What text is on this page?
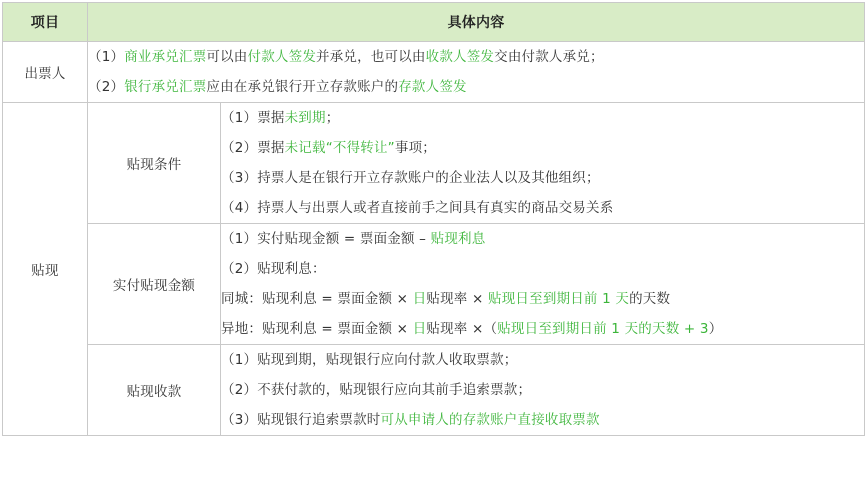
项目	具体内容	
出票人	（1）商业承兑汇票可以由付款人签发并承兑，也可以由收款人签发交由付款人承兑；
（2）银行承兑汇票应由在承兑银行开立存款账户的存款人签发	

贴现	贴现条件	（1）票据未到期；
（2）票据未记载“不得转让”事项；
（3）持票人是在银行开立存款账户的企业法人以及其他组织；
（4）持票人与出票人或者直接前手之间具有真实的商品交易关系

	实付贴现金额	（1）实付贴现金额 = 票面金额 – 贴现利息
（2）贴现利息：
同城：贴现利息 = 票面金额 × 日贴现率 × 贴现日至到期日前 1 天的天数
异地：贴现利息 = 票面金额 × 日贴现率 ×（贴现日至到期日前 1 天的天数 + 3）

	贴现收款	（1）贴现到期，贴现银行应向付款人收取票款；
（2）不获付款的，贴现银行应向其前手追索票款；
（3）贴现银行追索票款时可从申请人的存款账户直接收取票款
